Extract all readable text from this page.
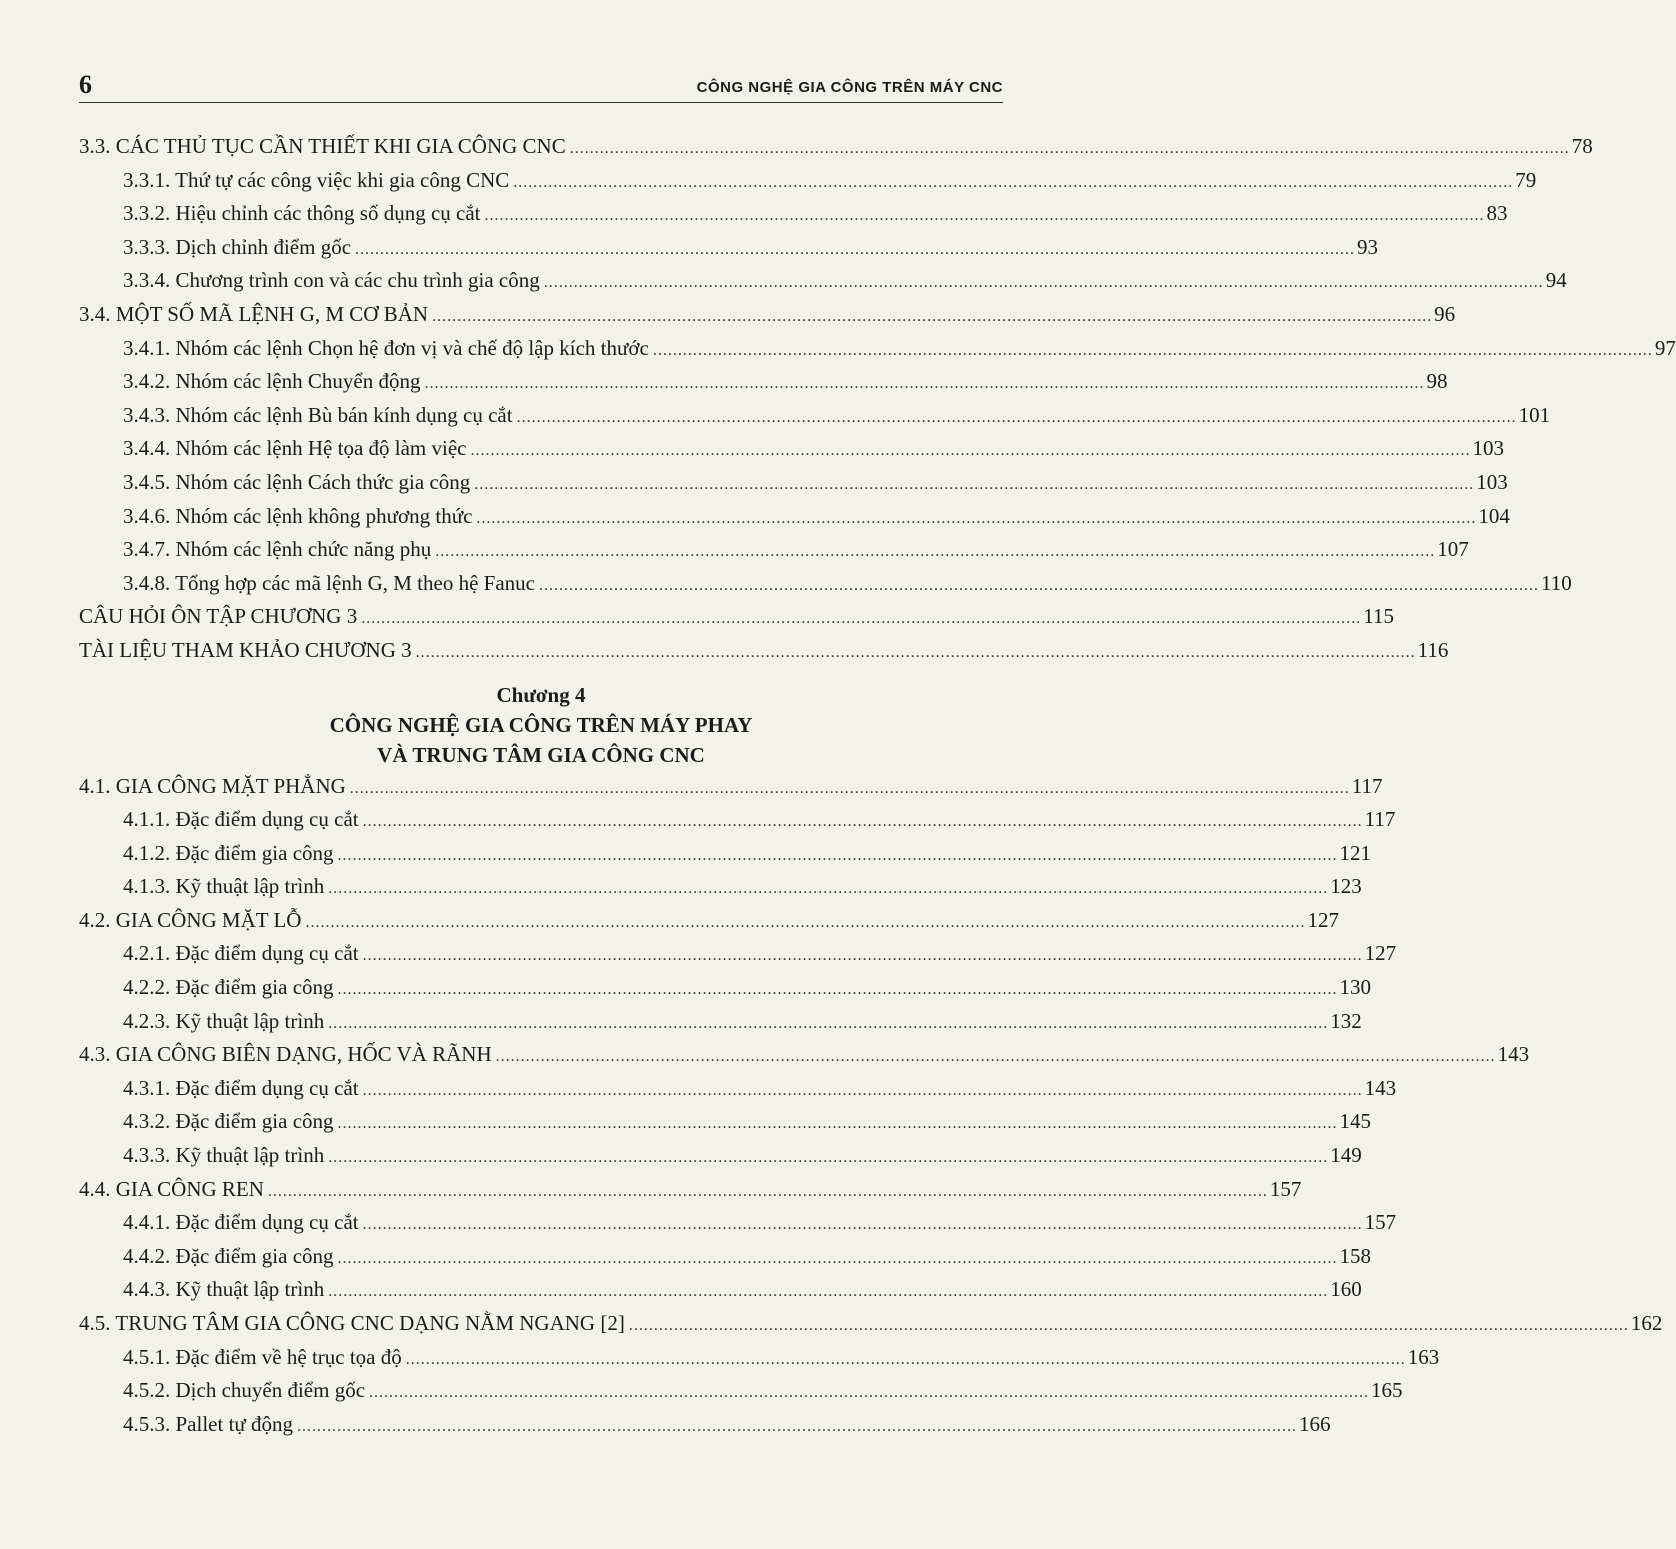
6	CÔNG NGHỆ GIA CÔNG TRÊN MÁY CNC
3.3. CÁC THỦ TỤC CẦN THIẾT KHI GIA CÔNG CNC ........................................................................................................................................................................................................ 78
3.3.1. Thứ tự các công việc khi gia công CNC ........................................................................................................................................................................................................ 79
3.3.2. Hiệu chỉnh các thông số dụng cụ cắt ........................................................................................................................................................................................................ 83
3.3.3. Dịch chỉnh điểm gốc ........................................................................................................................................................................................................ 93
3.3.4. Chương trình con và các chu trình gia công ........................................................................................................................................................................................................ 94
3.4. MỘT SỐ MÃ LỆNH G, M CƠ BẢN ........................................................................................................................................................................................................ 96
3.4.1. Nhóm các lệnh Chọn hệ đơn vị và chế độ lập kích thước ........................................................................................................................................................................................................ 97
3.4.2. Nhóm các lệnh Chuyển động ........................................................................................................................................................................................................ 98
3.4.3. Nhóm các lệnh Bù bán kính dụng cụ cắt ........................................................................................................................................................................................................ 101
3.4.4. Nhóm các lệnh Hệ tọa độ làm việc ........................................................................................................................................................................................................ 103
3.4.5. Nhóm các lệnh Cách thức gia công ........................................................................................................................................................................................................ 103
3.4.6. Nhóm các lệnh không phương thức ........................................................................................................................................................................................................ 104
3.4.7. Nhóm các lệnh chức năng phụ ........................................................................................................................................................................................................ 107
3.4.8. Tổng hợp các mã lệnh G, M theo hệ Fanuc ........................................................................................................................................................................................................ 110
CÂU HỎI ÔN TẬP CHƯƠNG 3 ........................................................................................................................................................................................................ 115
TÀI LIỆU THAM KHẢO CHƯƠNG 3 ........................................................................................................................................................................................................ 116
Chương 4
CÔNG NGHỆ GIA CÔNG TRÊN MÁY PHAY
VÀ TRUNG TÂM GIA CÔNG CNC
4.1. GIA CÔNG MẶT PHẲNG ........................................................................................................................................................................................................ 117
4.1.1. Đặc điểm dụng cụ cắt ........................................................................................................................................................................................................ 117
4.1.2. Đặc điểm gia công ........................................................................................................................................................................................................ 121
4.1.3. Kỹ thuật lập trình ........................................................................................................................................................................................................ 123
4.2. GIA CÔNG MẶT LỖ ........................................................................................................................................................................................................ 127
4.2.1. Đặc điểm dụng cụ cắt ........................................................................................................................................................................................................ 127
4.2.2. Đặc điểm gia công ........................................................................................................................................................................................................ 130
4.2.3. Kỹ thuật lập trình ........................................................................................................................................................................................................ 132
4.3. GIA CÔNG BIÊN DẠNG, HỐC VÀ RÃNH ........................................................................................................................................................................................................ 143
4.3.1. Đặc điểm dụng cụ cắt ........................................................................................................................................................................................................ 143
4.3.2. Đặc điểm gia công ........................................................................................................................................................................................................ 145
4.3.3. Kỹ thuật lập trình ........................................................................................................................................................................................................ 149
4.4. GIA CÔNG REN ........................................................................................................................................................................................................ 157
4.4.1. Đặc điểm dụng cụ cắt ........................................................................................................................................................................................................ 157
4.4.2. Đặc điểm gia công ........................................................................................................................................................................................................ 158
4.4.3. Kỹ thuật lập trình ........................................................................................................................................................................................................ 160
4.5. TRUNG TÂM GIA CÔNG CNC DẠNG NẰM NGANG [2] ........................................................................................................................................................................................................ 162
4.5.1. Đặc điểm về hệ trục tọa độ ........................................................................................................................................................................................................ 163
4.5.2. Dịch chuyển điểm gốc ........................................................................................................................................................................................................ 165
4.5.3. Pallet tự động ........................................................................................................................................................................................................ 166
